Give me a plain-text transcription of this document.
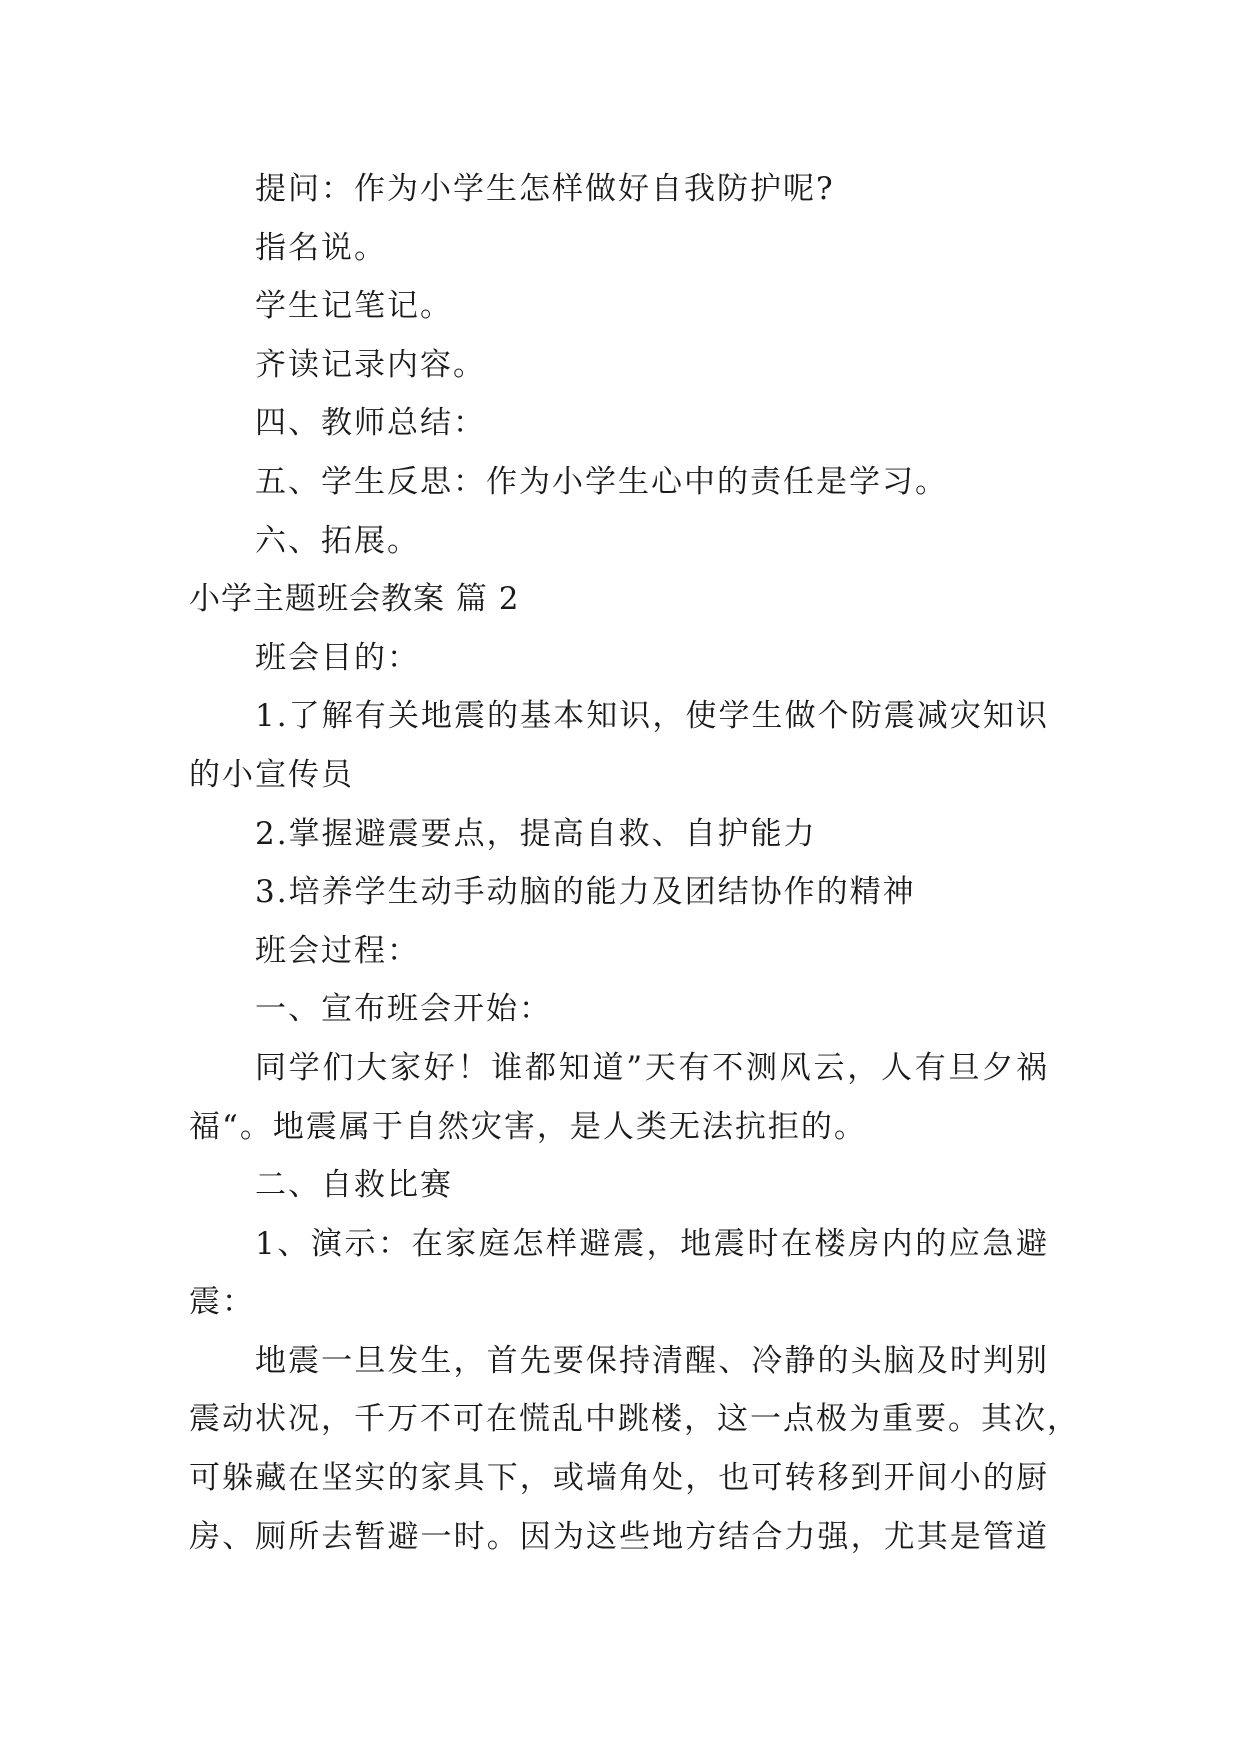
提问：作为小学生怎样做好自我防护呢?
指名说。
学生记笔记。
齐读记录内容。
四、教师总结：
五、学生反思：作为小学生心中的责任是学习。
六、拓展。
小学主题班会教案 篇 2
班会目的：
1.了解有关地震的基本知识，使学生做个防震减灾知识
的小宣传员
2.掌握避震要点，提高自救、自护能力
3.培养学生动手动脑的能力及团结协作的精神
班会过程：
一、宣布班会开始：
同学们大家好！谁都知道”天有不测风云，人有旦夕祸
福“。地震属于自然灾害，是人类无法抗拒的。
二、自救比赛
1、演示：在家庭怎样避震，地震时在楼房内的应急避
震：
地震一旦发生，首先要保持清醒、冷静的头脑及时判别
震动状况，千万不可在慌乱中跳楼，这一点极为重要。其次，
可躲藏在坚实的家具下，或墙角处，也可转移到开间小的厨
房、厕所去暂避一时。因为这些地方结合力强，尤其是管道
